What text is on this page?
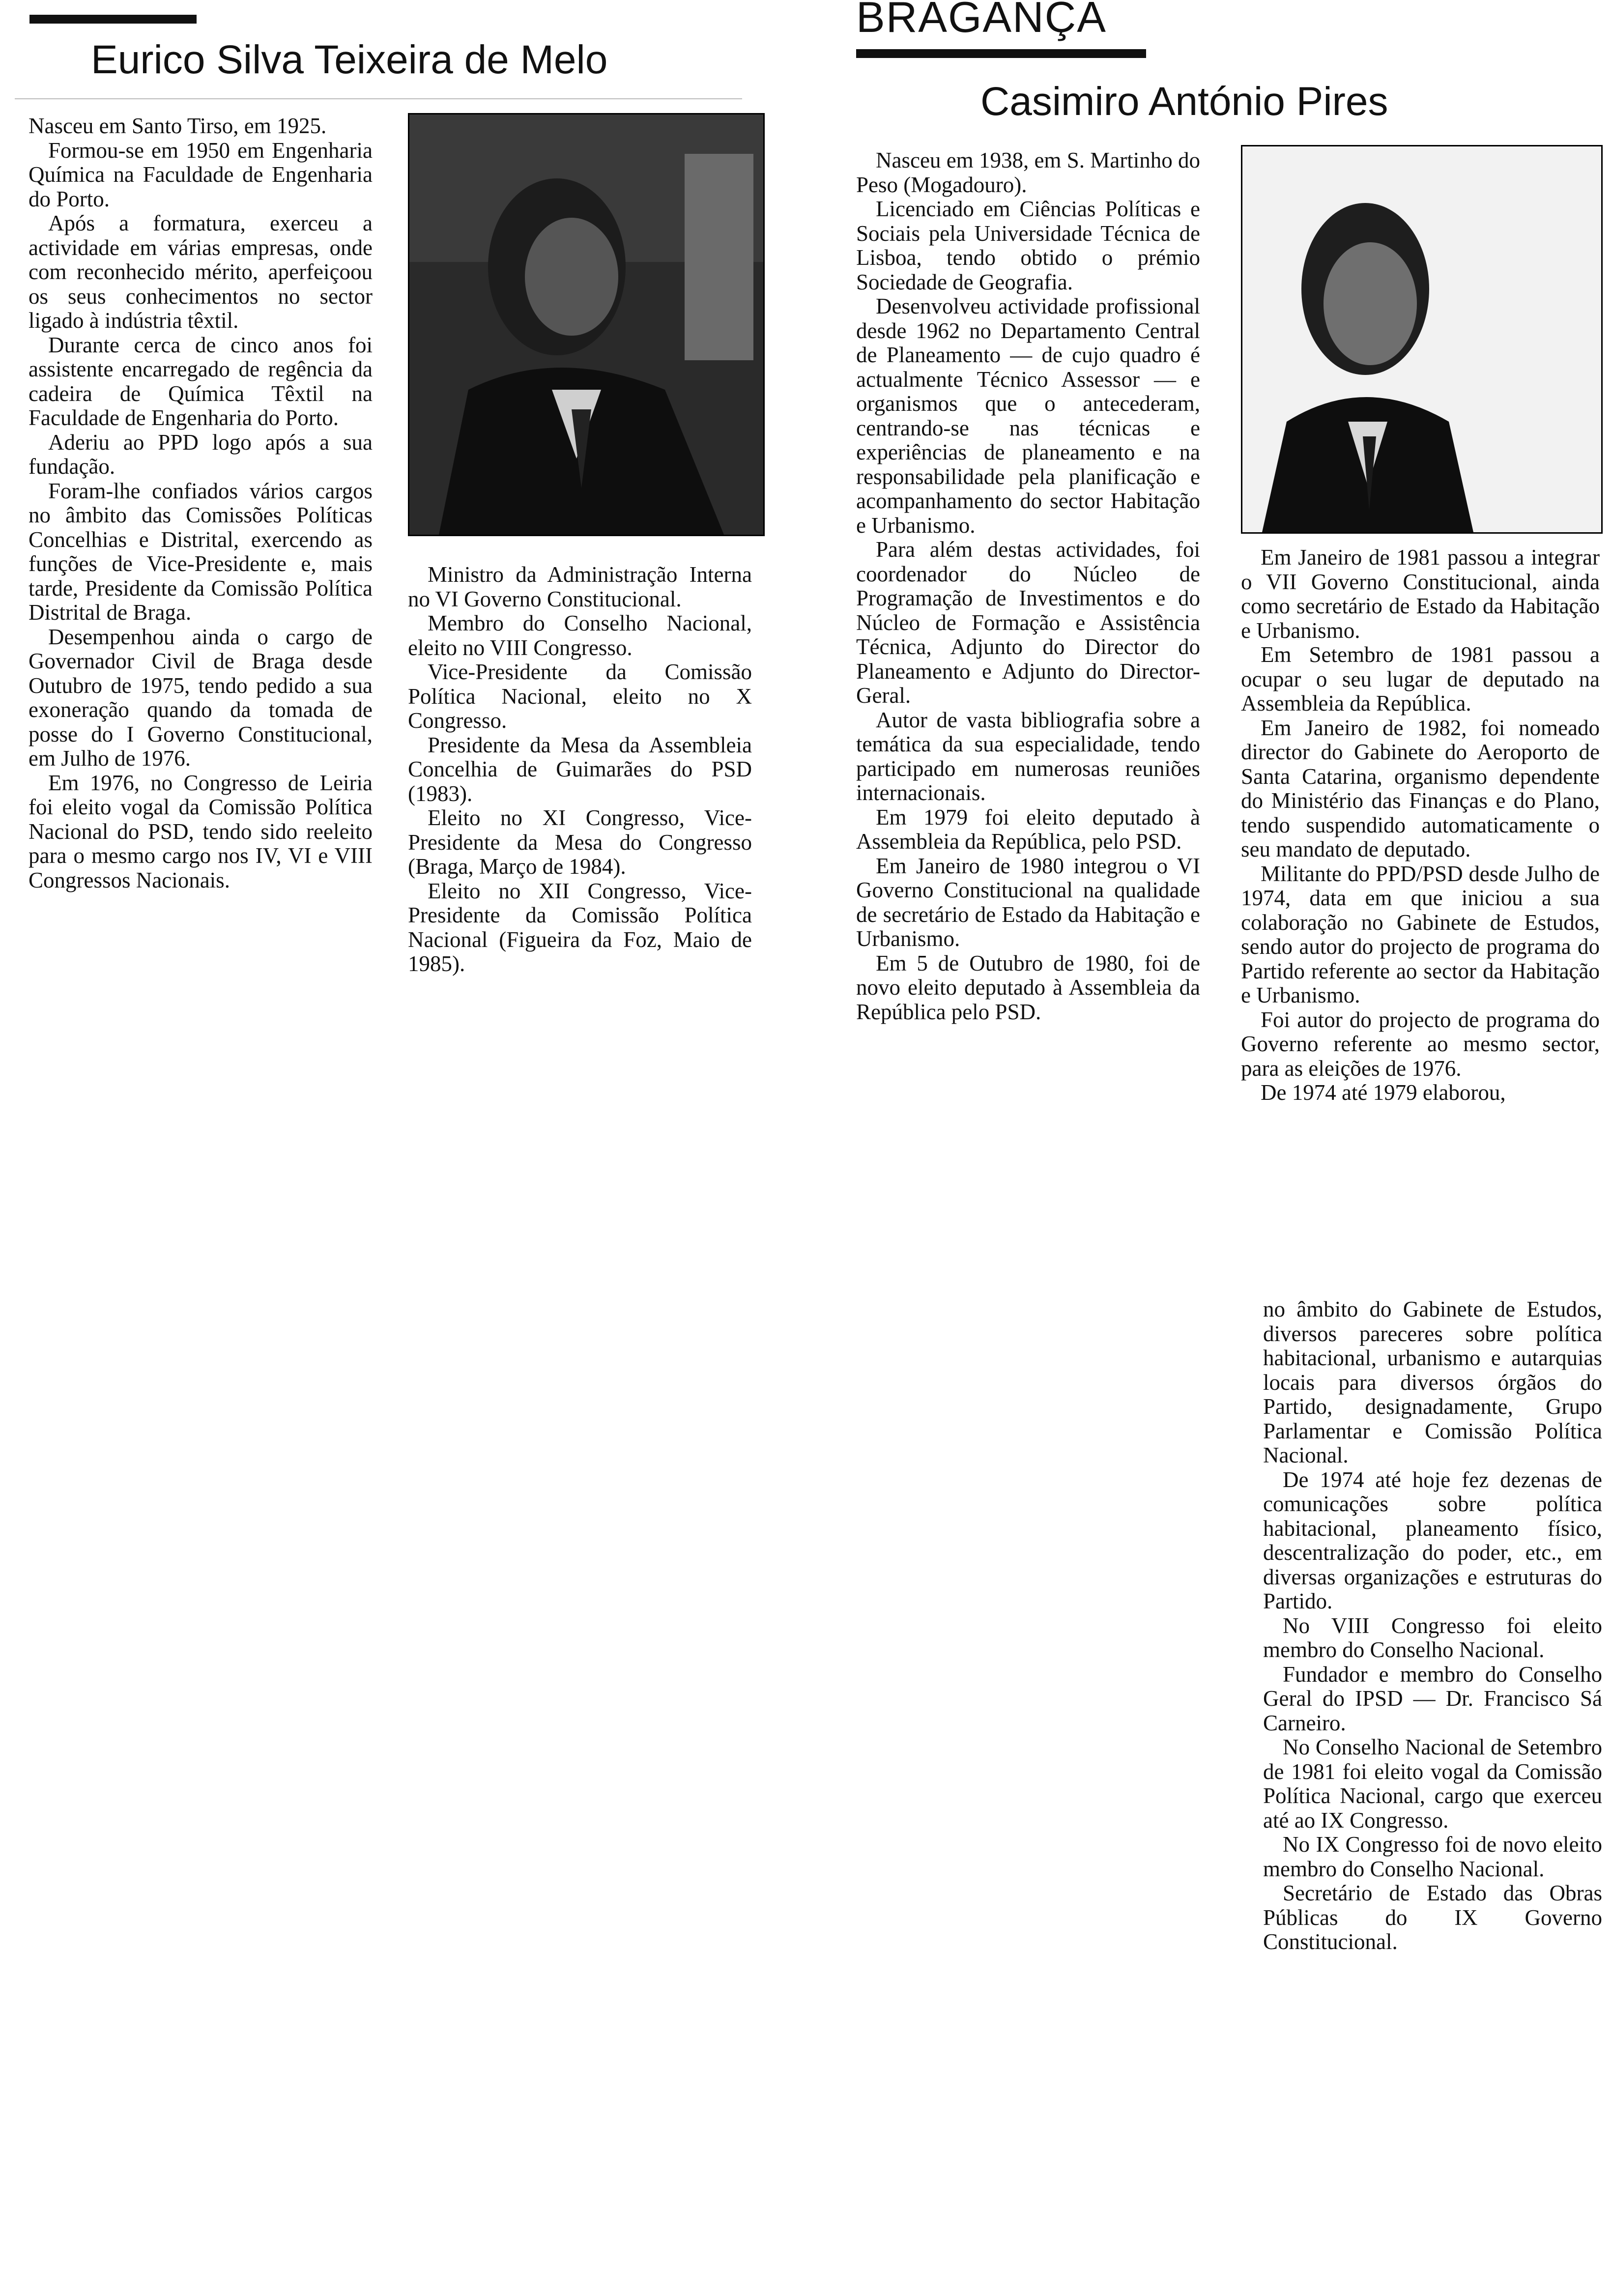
Eurico Silva Teixeira de Melo

Nasceu em Santo Tirso, em 1925.

Formou-se em 1950 em Engenharia Química na Faculdade de Engenharia do Porto.

Após a formatura, exerceu a actividade em várias empresas, onde com reconhecido mérito, aperfeiçoou os seus conhecimentos no sector ligado à indústria têxtil.

Durante cerca de cinco anos foi assistente encarregado de regência da cadeira de Química Têxtil na Faculdade de Engenharia do Porto.

Aderiu ao PPD logo após a sua fundação.

Foram-lhe confiados vários cargos no âmbito das Comissões Políticas Concelhias e Distrital, exercendo as funções de Vice-Presidente e, mais tarde, Presidente da Comissão Política Distrital de Braga.

Desempenhou ainda o cargo de Governador Civil de Braga desde Outubro de 1975, tendo pedido a sua exoneração quando da tomada de posse do I Governo Constitucional, em Julho de 1976.

Em 1976, no Congresso de Leiria foi eleito vogal da Comissão Política Nacional do PSD, tendo sido reeleito para o mesmo cargo nos IV, VI e VIII Congressos Nacionais.

Ministro da Administração Interna no VI Governo Constitucional.

Membro do Conselho Nacional, eleito no VIII Congresso.

Vice-Presidente da Comissão Política Nacional, eleito no X Congresso.

Presidente da Mesa da Assembleia Concelhia de Guimarães do PSD (1983).

Eleito no XI Congresso, Vice-Presidente da Mesa do Congresso (Braga, Março de 1984).

Eleito no XII Congresso, Vice-Presidente da Comissão Política Nacional (Figueira da Foz, Maio de 1985).

BRAGANÇA
Casimiro António Pires

Nasceu em 1938, em S. Martinho do Peso (Mogadouro).

Licenciado em Ciências Políticas e Sociais pela Universidade Técnica de Lisboa, tendo obtido o prémio Sociedade de Geografia.

Desenvolveu actividade profissional desde 1962 no Departamento Central de Planeamento — de cujo quadro é actualmente Técnico Assessor — e organismos que o antecederam, centrando-se nas técnicas e experiências de planeamento e na responsabilidade pela planificação e acompanhamento do sector Habitação e Urbanismo.

Para além destas actividades, foi coordenador do Núcleo de Programação de Investimentos e do Núcleo de Formação e Assistência Técnica, Adjunto do Director do Planeamento e Adjunto do Director-Geral.

Autor de vasta bibliografia sobre a temática da sua especialidade, tendo participado em numerosas reuniões internacionais.

Em 1979 foi eleito deputado à Assembleia da República, pelo PSD.

Em Janeiro de 1980 integrou o VI Governo Constitucional na qualidade de secretário de Estado da Habitação e Urbanismo.

Em 5 de Outubro de 1980, foi de novo eleito deputado à Assembleia da República pelo PSD.

Em Janeiro de 1981 passou a integrar o VII Governo Constitucional, ainda como secretário de Estado da Habitação e Urbanismo.

Em Setembro de 1981 passou a ocupar o seu lugar de deputado na Assembleia da República.

Em Janeiro de 1982, foi nomeado director do Gabinete do Aeroporto de Santa Catarina, organismo dependente do Ministério das Finanças e do Plano, tendo suspendido automaticamente o seu mandato de deputado.

Militante do PPD/PSD desde Julho de 1974, data em que iniciou a sua colaboração no Gabinete de Estudos, sendo autor do projecto de programa do Partido referente ao sector da Habitação e Urbanismo.

Foi autor do projecto de programa do Governo referente ao mesmo sector, para as eleições de 1976.

De 1974 até 1979 elaborou,

no âmbito do Gabinete de Estudos, diversos pareceres sobre política habitacional, urbanismo e autarquias locais para diversos órgãos do Partido, designadamente, Grupo Parlamentar e Comissão Política Nacional.

De 1974 até hoje fez dezenas de comunicações sobre política habitacional, planeamento físico, descentralização do poder, etc., em diversas organizações e estruturas do Partido.

No VIII Congresso foi eleito membro do Conselho Nacional.

Fundador e membro do Conselho Geral do IPSD — Dr. Francisco Sá Carneiro.

No Conselho Nacional de Setembro de 1981 foi eleito vogal da Comissão Política Nacional, cargo que exerceu até ao IX Congresso.

No IX Congresso foi de novo eleito membro do Conselho Nacional.

Secretário de Estado das Obras Públicas do IX Governo Constitucional.
